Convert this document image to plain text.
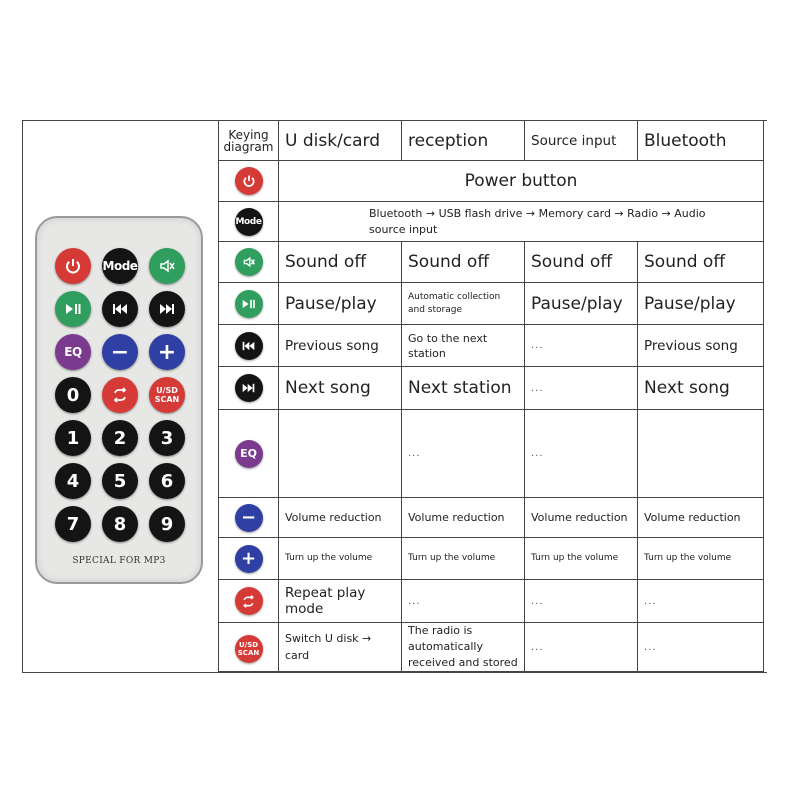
Mode
EQ	−	+
0	U/SD
SCAN
1	2	3
4	5	6
7	8	9
SPECIAL FOR MP3
Keying diagram	U disk/card	reception	Source input	Bluetooth

	Power button			
Mode	Bluetooth → USB flash drive → Memory card → Radio → Audio source input			

	Sound off	Sound off	Sound off	Sound off

	Pause/play	Automatic collection and storage	Pause/play	Pause/play

	Previous song	Go to the next station	...	Previous song

	Next song	Next station	...	Next song
EQ		...	...	
−	Volume reduction	Volume reduction	Volume reduction	Volume reduction
+	Turn up the volume	Turn up the volume	Turn up the volume	Turn up the volume

	Repeat play mode	...	...	...
U/SD SCAN	Switch U disk → card	The radio is automatically received and stored	...	...
